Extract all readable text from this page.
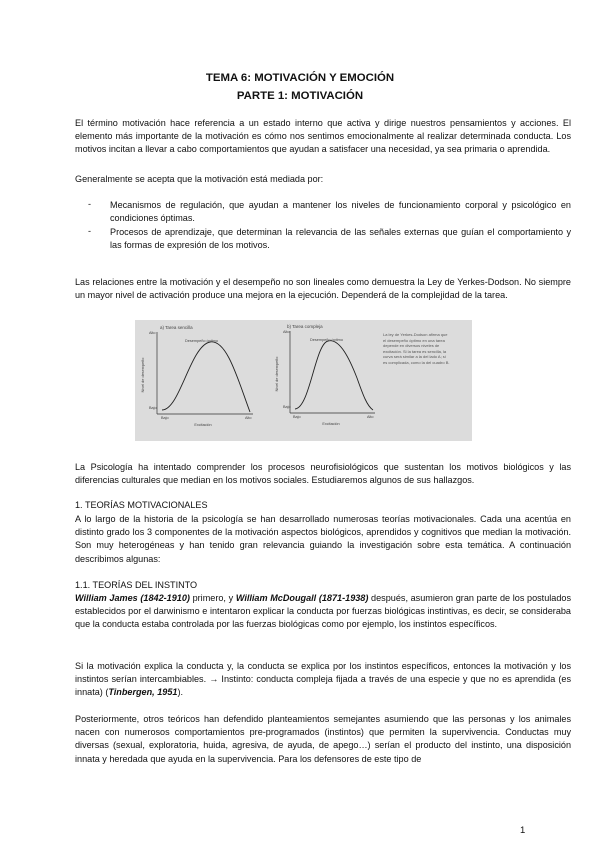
TEMA 6: MOTIVACIÓN Y EMOCIÓN

PARTE 1: MOTIVACIÓN

El término motivación hace referencia a un estado interno que activa y dirige nuestros pensamientos y acciones. El elemento más importante de la motivación es cómo nos sentimos emocionalmente al realizar determinada conducta. Los motivos incitan a llevar a cabo comportamientos que ayudan a satisfacer una necesidad, ya sea primaria o aprendida.

Generalmente se acepta que la motivación está mediada por:

- Mecanismos de regulación, que ayudan a mantener los niveles de funcionamiento corporal y psicológico en condiciones óptimas.

- Procesos de aprendizaje, que determinan la relevancia de las señales externas que guían el comportamiento y las formas de expresión de los motivos.

Las relaciones entre la motivación y el desempeño no son lineales como demuestra la Ley de Yerkes-Dodson. No siempre un mayor nivel de activación produce una mejora en la ejecución. Dependerá de la complejidad de la tarea.

a) Tarea sencilla
Alto
Bajo
Nivel de desempeño
Desempeño óptimo
Bajo	Alto
Excitación
b) Tarea compleja
Alto
Bajo
Nivel de desempeño
Desempeño óptimo
Bajo	Alto
Excitación
La ley de Yerkes-Dodson afirma que el desempeño óptimo en una tarea depende en diversos niveles de excitación. Si la tarea es sencilla, la curva será similar a la del lado A; si es complicada, como la del cuadro B.

La Psicología ha intentado comprender los procesos neurofisiológicos que sustentan los motivos biológicos y las diferencias culturales que median en los motivos sociales. Estudiaremos algunos de sus hallazgos.

1. TEORÍAS MOTIVACIONALES

A lo largo de la historia de la psicología se han desarrollado numerosas teorías motivacionales. Cada una acentúa en distinto grado los 3 componentes de la motivación aspectos biológicos, aprendidos y cognitivos que median la motivación. Son muy heterogéneas y han tenido gran relevancia guiando la investigación sobre esta temática. A continuación describimos algunas:

1.1. TEORÍAS DEL INSTINTO

William James (1842-1910) primero, y William McDougall (1871-1938) después, asumieron gran parte de los postulados establecidos por el darwinismo e intentaron explicar la conducta por fuerzas biológicas instintivas, es decir, se consideraba que la conducta estaba controlada por las fuerzas biológicas como por ejemplo, los instintos específicos.

Si la motivación explica la conducta y, la conducta se explica por los instintos específicos, entonces la motivación y los instintos serían intercambiables. → Instinto: conducta compleja fijada a través de una especie y que no es aprendida (es innata) (Tinbergen, 1951).

Posteriormente, otros teóricos han defendido planteamientos semejantes asumiendo que las personas y los animales nacen con numerosos comportamientos pre-programados (instintos) que permiten la supervivencia. Conductas muy diversas (sexual, exploratoria, huida, agresiva, de ayuda, de apego…) serían el producto del instinto, una disposición innata y heredada que ayuda en la supervivencia. Para los defensores de este tipo de

1
